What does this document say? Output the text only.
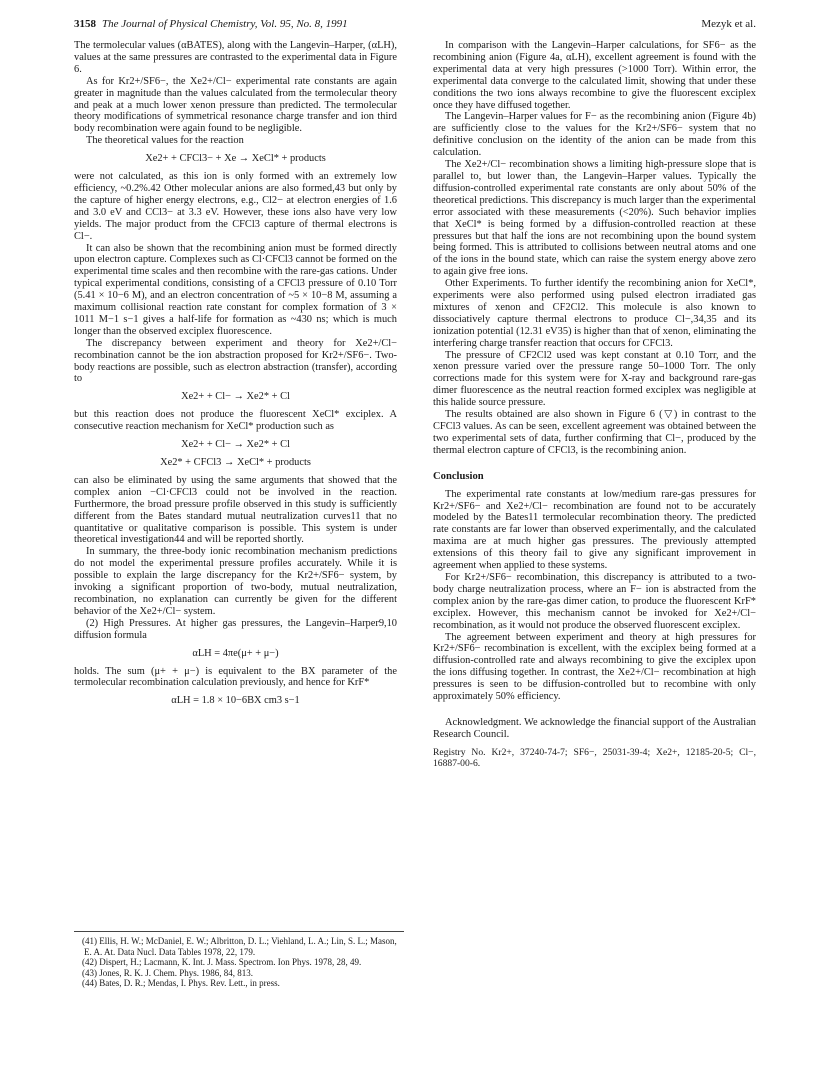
3158 The Journal of Physical Chemistry, Vol. 95, No. 8, 1991	Mezyk et al.

The termolecular values (αBATES), along with the Langevin–Harper, (αLH), values at the same pressures are contrasted to the experimental data in Figure 6.

As for Kr2+/SF6−, the Xe2+/Cl− experimental rate constants are again greater in magnitude than the values calculated from the termolecular theory and peak at a much lower xenon pressure than predicted. The termolecular theory modifications of symmetrical resonance charge transfer and ion third body recombination were again found to be negligible.

The theoretical values for the reaction

Xe2+ + CFCl3− + Xe → XeCl* + products

were not calculated, as this ion is only formed with an extremely low efficiency, ~0.2%.42 Other molecular anions are also formed,43 but only by the capture of higher energy electrons, e.g., Cl2− at electron energies of 1.6 and 3.0 eV and CCl3− at 3.3 eV. However, these ions also have very low yields. The major product from the CFCl3 capture of thermal electrons is Cl−.

It can also be shown that the recombining anion must be formed directly upon electron capture. Complexes such as Cl·CFCl3 cannot be formed on the experimental time scales and then recombine with the rare-gas cations. Under typical experimental conditions, consisting of a CFCl3 pressure of 0.10 Torr (5.41 × 10−6 M), and an electron concentration of ~5 × 10−8 M, assuming a maximum collisional reaction rate constant for complex formation of 3 × 1011 M−1 s−1 gives a half-life for formation as ~430 ns; which is much longer than the observed exciplex fluorescence.

The discrepancy between experiment and theory for Xe2+/Cl− recombination cannot be the ion abstraction proposed for Kr2+/SF6−. Two-body reactions are possible, such as electron abstraction (transfer), according to

Xe2+ + Cl− → Xe2* + Cl

but this reaction does not produce the fluorescent XeCl* exciplex. A consecutive reaction mechanism for XeCl* production such as

Xe2+ + Cl− → Xe2* + Cl

Xe2* + CFCl3 → XeCl* + products

can also be eliminated by using the same arguments that showed that the complex anion −Cl·CFCl3 could not be involved in the reaction. Furthermore, the broad pressure profile observed in this study is sufficiently different from the Bates standard mutual neutralization curves11 that no quantitative or qualitative comparison is possible. This system is under theoretical investigation44 and will be reported shortly.

In summary, the three-body ionic recombination mechanism predictions do not model the experimental pressure profiles accurately. While it is possible to explain the large discrepancy for the Kr2+/SF6− system, by invoking a significant proportion of two-body, mutual neutralization, recombination, no explanation can currently be given for the different behavior of the Xe2+/Cl− system.

(2) High Pressures. At higher gas pressures, the Langevin–Harper9,10 diffusion formula

αLH = 4πe(μ+ + μ−)

holds. The sum (μ+ + μ−) is equivalent to the BX parameter of the termolecular recombination calculation previously, and hence for KrF*

αLH = 1.8 × 10−6BX cm3 s−1

(41) Ellis, H. W.; McDaniel, E. W.; Albritton, D. L.; Viehland, L. A.; Lin, S. L.; Mason, E. A. At. Data Nucl. Data Tables 1978, 22, 179.
(42) Dispert, H.; Lacmann, K. Int. J. Mass. Spectrom. Ion Phys. 1978, 28, 49.
(43) Jones, R. K. J. Chem. Phys. 1986, 84, 813.
(44) Bates, D. R.; Mendas, I. Phys. Rev. Lett., in press.

In comparison with the Langevin–Harper calculations, for SF6− as the recombining anion (Figure 4a, αLH), excellent agreement is found with the experimental data at very high pressures (>1000 Torr). Within error, the experimental data converge to the calculated limit, showing that under these conditions the two ions always recombine to give the fluorescent exciplex once they have diffused together.

The Langevin–Harper values for F− as the recombining anion (Figure 4b) are sufficiently close to the values for the Kr2+/SF6− system that no definitive conclusion on the identity of the anion can be made from this calculation.

The Xe2+/Cl− recombination shows a limiting high-pressure slope that is parallel to, but lower than, the Langevin–Harper values. Typically the diffusion-controlled experimental rate constants are only about 50% of the theoretical predictions. This discrepancy is much larger than the experimental error associated with these measurements (<20%). Such behavior implies that XeCl* is being formed by a diffusion-controlled reaction at these pressures but that half the ions are not recombining upon the bound system being formed. This is attributed to collisions between neutral atoms and one of the ions in the bound state, which can raise the system energy above zero to again give free ions.

Other Experiments. To further identify the recombining anion for XeCl*, experiments were also performed using pulsed electron irradiated gas mixtures of xenon and CF2Cl2. This molecule is also known to dissociatively capture thermal electrons to produce Cl−,34,35 and its ionization potential (12.31 eV35) is higher than that of xenon, eliminating the interfering charge transfer reaction that occurs for CFCl3.

The pressure of CF2Cl2 used was kept constant at 0.10 Torr, and the xenon pressure varied over the pressure range 50–1000 Torr. The only corrections made for this system were for X-ray and background rare-gas dimer fluorescence as the neutral reaction formed exciplex was negligible at this halide source pressure.

The results obtained are also shown in Figure 6 (▽) in contrast to the CFCl3 values. As can be seen, excellent agreement was obtained between the two experimental sets of data, further confirming that Cl−, produced by the thermal electron capture of CFCl3, is the recombining anion.

Conclusion

The experimental rate constants at low/medium rare-gas pressures for Kr2+/SF6− and Xe2+/Cl− recombination are found not to be accurately modeled by the Bates11 termolecular recombination theory. The predicted rate constants are far lower than observed experimentally, and the calculated maxima are at much higher gas pressures. The previously attempted extensions of this theory fail to give any significant improvement in agreement when applied to these systems.

For Kr2+/SF6− recombination, this discrepancy is attributed to a two-body charge neutralization process, where an F− ion is abstracted from the complex anion by the rare-gas dimer cation, to produce the fluorescent KrF* exciplex. However, this mechanism cannot be invoked for Xe2+/Cl− recombination, as it would not produce the observed fluorescent exciplex.

The agreement between experiment and theory at high pressures for Kr2+/SF6− recombination is excellent, with the exciplex being formed at a diffusion-controlled rate and always recombining to give the exciplex upon the ions diffusing together. In contrast, the Xe2+/Cl− recombination at high pressures is seen to be diffusion-controlled but to recombine with only approximately 50% efficiency.

Acknowledgment. We acknowledge the financial support of the Australian Research Council.

Registry No. Kr2+, 37240-74-7; SF6−, 25031-39-4; Xe2+, 12185-20-5; Cl−, 16887-00-6.
